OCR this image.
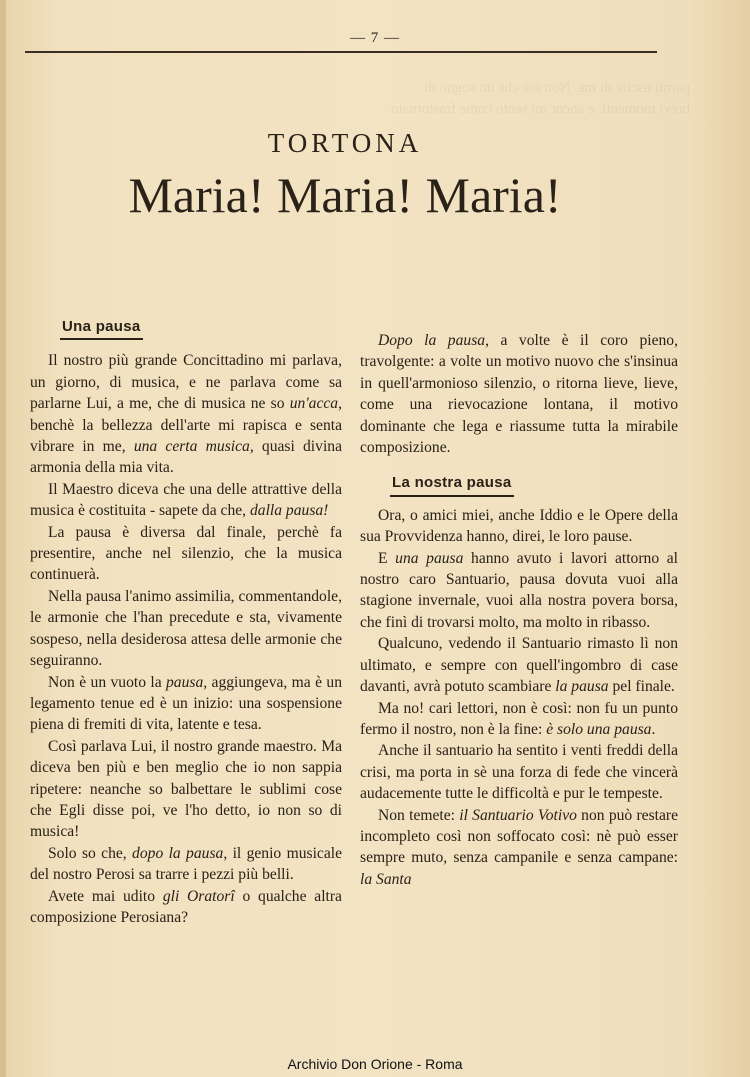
parmi uscire di me. Non era che un sogno di brevi momenti, e ancor mi sento come frastornato
— 7 —
TORTONA
Maria! Maria! Maria!
Una pausa

Il nostro più grande Concittadino mi parlava, un giorno, di musica, e ne parlava come sa parlarne Lui, a me, che di musica ne so un'acca, benchè la bellezza dell'arte mi rapisca e senta vibrare in me, una certa musica, quasi divina armonia della mia vita.

Il Maestro diceva che una delle attrattive della musica è costituita - sapete da che, dalla pausa!

La pausa è diversa dal finale, perchè fa presentire, anche nel silenzio, che la musica continuerà.

Nella pausa l'animo assimilia, commentandole, le armonie che l'han precedute e sta, vivamente sospeso, nella desiderosa attesa delle armonie che seguiranno.

Non è un vuoto la pausa, aggiungeva, ma è un legamento tenue ed è un inizio: una sospensione piena di fremiti di vita, latente e tesa.

Così parlava Lui, il nostro grande maestro. Ma diceva ben più e ben meglio che io non sappia ripetere: neanche so balbettare le sublimi cose che Egli disse poi, ve l'ho detto, io non so di musica!

Solo so che, dopo la pausa, il genio musicale del nostro Perosi sa trarre i pezzi più belli.

Avete mai udito gli Oratorî o qualche altra composizione Perosiana?

Dopo la pausa, a volte è il coro pieno, travolgente: a volte un motivo nuovo che s'insinua in quell'armonioso silenzio, o ritorna lieve, lieve, come una rievocazione lontana, il motivo dominante che lega e riassume tutta la mirabile composizione.

La nostra pausa

Ora, o amici miei, anche Iddio e le Opere della sua Provvidenza hanno, direi, le loro pause.

E una pausa hanno avuto i lavori attorno al nostro caro Santuario, pausa dovuta vuoi alla stagione invernale, vuoi alla nostra povera borsa, che finì di trovarsi molto, ma molto in ribasso.

Qualcuno, vedendo il Santuario rimasto lì non ultimato, e sempre con quell'ingombro di case davanti, avrà potuto scambiare la pausa pel finale.

Ma no! cari lettori, non è così: non fu un punto fermo il nostro, non è la fine: è solo una pausa.

Anche il santuario ha sentito i venti freddi della crisi, ma porta in sè una forza di fede che vincerà audacemente tutte le difficoltà e pur le tempeste.

Non temete: il Santuario Votivo non può restare incompleto così non soffocato così: nè può esser sempre muto, senza campanile e senza campane: la Santa

Archivio Don Orione - Roma
